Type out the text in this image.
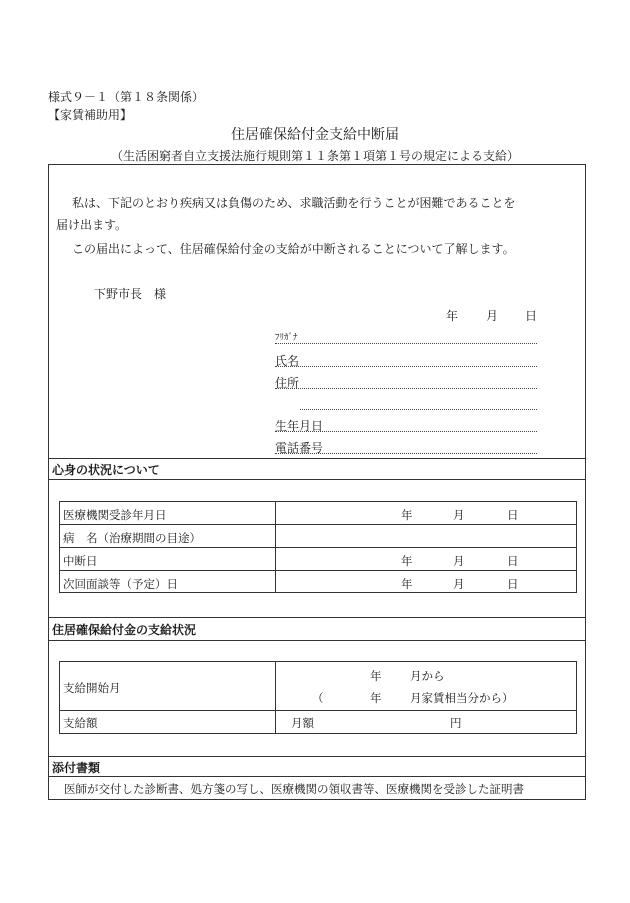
様式９－１（第１８条関係）
【家賃補助用】
住居確保給付金支給中断届
（生活困窮者自立支援法施行規則第１１条第１項第１号の規定による支給）
私は、下記のとおり疾病又は負傷のため、求職活動を行うことが困難であることを
届け出ます。
この届出によって、住居確保給付金の支給が中断されることについて了解します。
下野市長　様
年 月 日
ﾌﾘｶﾞﾅ
氏名
住所
生年月日
電話番号
心身の状況について
医療機関受診年月日	年	月	日
病　名（治療期間の目途）
中断日	年	月	日
次回面談等（予定）日	年	月	日
住居確保給付金の支給状況
支給開始月
年 月から
（	年 月家賃相当分から）
支給額	月額	円
添付書類
医師が交付した診断書、処方箋の写し、医療機関の領収書等、医療機関を受診した証明書
